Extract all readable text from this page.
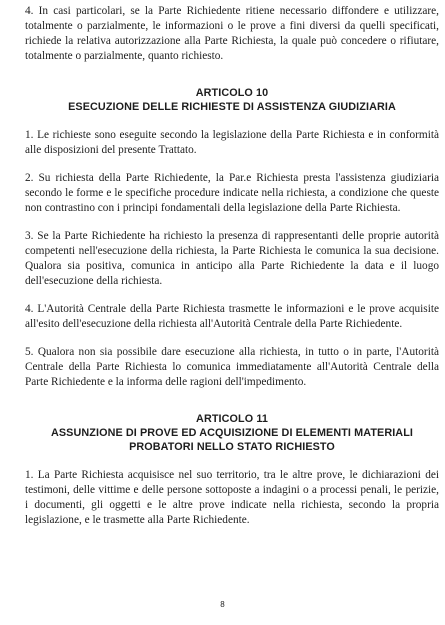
4. In casi particolari, se la Parte Richiedente ritiene necessario diffondere e utilizzare, totalmente o parzialmente, le informazioni o le prove a fini diversi da quelli specificati, richiede la relativa autorizzazione alla Parte Richiesta, la quale può concedere o rifiutare, totalmente o parzialmente, quanto richiesto.

ARTICOLO 10
ESECUZIONE DELLE RICHIESTE DI ASSISTENZA GIUDIZIARIA

1. Le richieste sono eseguite secondo la legislazione della Parte Richiesta e in conformità alle disposizioni del presente Trattato.

2. Su richiesta della Parte Richiedente, la Par.e Richiesta presta l'assistenza giudiziaria secondo le forme e le specifiche procedure indicate nella richiesta, a condizione che queste non contrastino con i principi fondamentali della legislazione della Parte Richiesta.

3. Se la Parte Richiedente ha richiesto la presenza di rappresentanti delle proprie autorità competenti nell'esecuzione della richiesta, la Parte Richiesta le comunica la sua decisione. Qualora sia positiva, comunica in anticipo alla Parte Richiedente la data e il luogo dell'esecuzione della richiesta.

4. L'Autorità Centrale della Parte Richiesta trasmette le informazioni e le prove acquisite all'esito dell'esecuzione della richiesta all'Autorità Centrale della Parte Richiedente.

5. Qualora non sia possibile dare esecuzione alla richiesta, in tutto o in parte, l'Autorità Centrale della Parte Richiesta lo comunica immediatamente all'Autorità Centrale della Parte Richiedente e la informa delle ragioni dell'impedimento.

ARTICOLO 11
ASSUNZIONE DI PROVE ED ACQUISIZIONE DI ELEMENTI MATERIALI PROBATORI NELLO STATO RICHIESTO

1. La Parte Richiesta acquisisce nel suo territorio, tra le altre prove, le dichiarazioni dei testimoni, delle vittime e delle persone sottoposte a indagini o a processi penali, le perizie, i documenti, gli oggetti e le altre prove indicate nella richiesta, secondo la propria legislazione, e le trasmette alla Parte Richiedente.

8
